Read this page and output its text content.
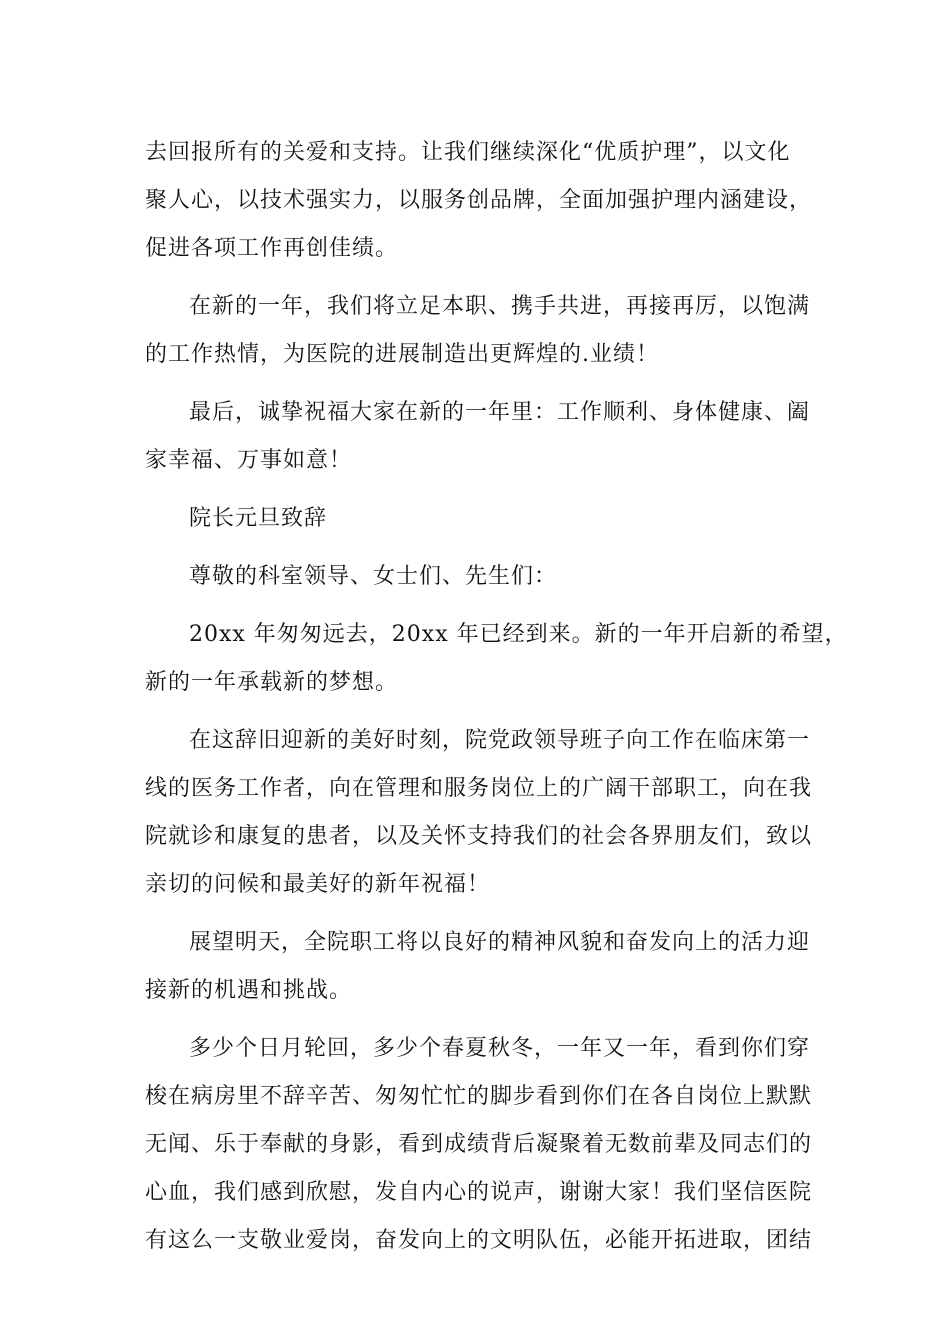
去回报所有的关爱和支持。让我们继续深化“优质护理”，以文化
聚人心，以技术强实力，以服务创品牌，全面加强护理内涵建设，
促进各项工作再创佳绩。

在新的一年，我们将立足本职、携手共进，再接再厉，以饱满
的工作热情，为医院的进展制造出更辉煌的.业绩！

最后，诚挚祝福大家在新的一年里：工作顺利、身体健康、阖
家幸福、万事如意！

院长元旦致辞

尊敬的科室领导、女士们、先生们：

20xx 年匆匆远去，20xx 年已经到来。新的一年开启新的希望，
新的一年承载新的梦想。

在这辞旧迎新的美好时刻，院党政领导班子向工作在临床第一
线的医务工作者，向在管理和服务岗位上的广阔干部职工，向在我
院就诊和康复的患者，以及关怀支持我们的社会各界朋友们，致以
亲切的问候和最美好的新年祝福！

展望明天，全院职工将以良好的精神风貌和奋发向上的活力迎
接新的机遇和挑战。

多少个日月轮回，多少个春夏秋冬，一年又一年，看到你们穿
梭在病房里不辞辛苦、匆匆忙忙的脚步看到你们在各自岗位上默默
无闻、乐于奉献的身影，看到成绩背后凝聚着无数前辈及同志们的
心血，我们感到欣慰，发自内心的说声，谢谢大家！我们坚信医院
有这么一支敬业爱岗，奋发向上的文明队伍，必能开拓进取，团结
